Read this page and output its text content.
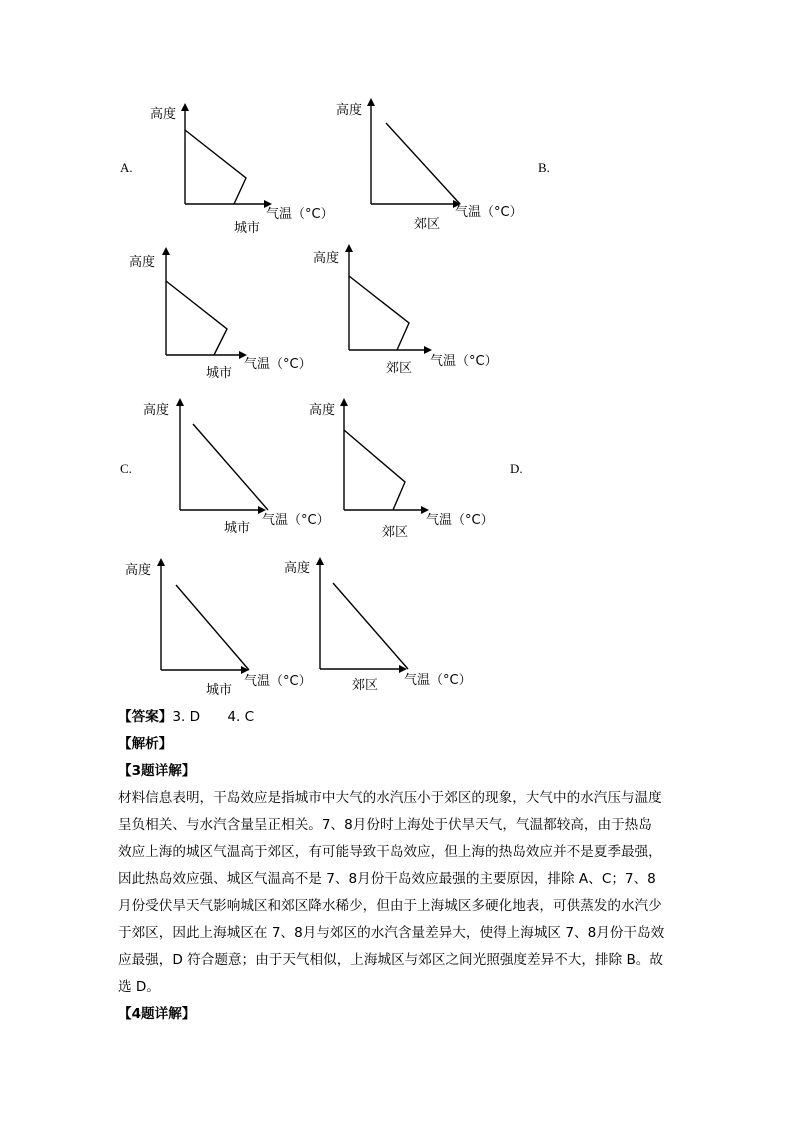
A.	B.
C.	D.
高度
气温（°C）
城市
高度
气温（°C）
郊区
高度
气温（°C）
城市
高度
气温（°C）
郊区
高度
气温（°C）
城市
高度
气温（°C）
郊区
高度
气温（°C）
城市
高度
气温（°C）
郊区
【答案】3. D　　4. C
【解析】
【3题详解】
材料信息表明，干岛效应是指城市中大气的水汽压小于郊区的现象，大气中的水汽压与温度
呈负相关、与水汽含量呈正相关。7、8月份时上海处于伏旱天气，气温都较高，由于热岛
效应上海的城区气温高于郊区，有可能导致干岛效应，但上海的热岛效应并不是夏季最强，
因此热岛效应强、城区气温高不是 7、8月份干岛效应最强的主要原因，排除 A、C；7、8
月份受伏旱天气影响城区和郊区降水稀少，但由于上海城区多硬化地表，可供蒸发的水汽少
于郊区，因此上海城区在 7、8月与郊区的水汽含量差异大，使得上海城区 7、8月份干岛效
应最强，D 符合题意；由于天气相似，上海城区与郊区之间光照强度差异不大，排除 B。故
选 D。
【4题详解】
